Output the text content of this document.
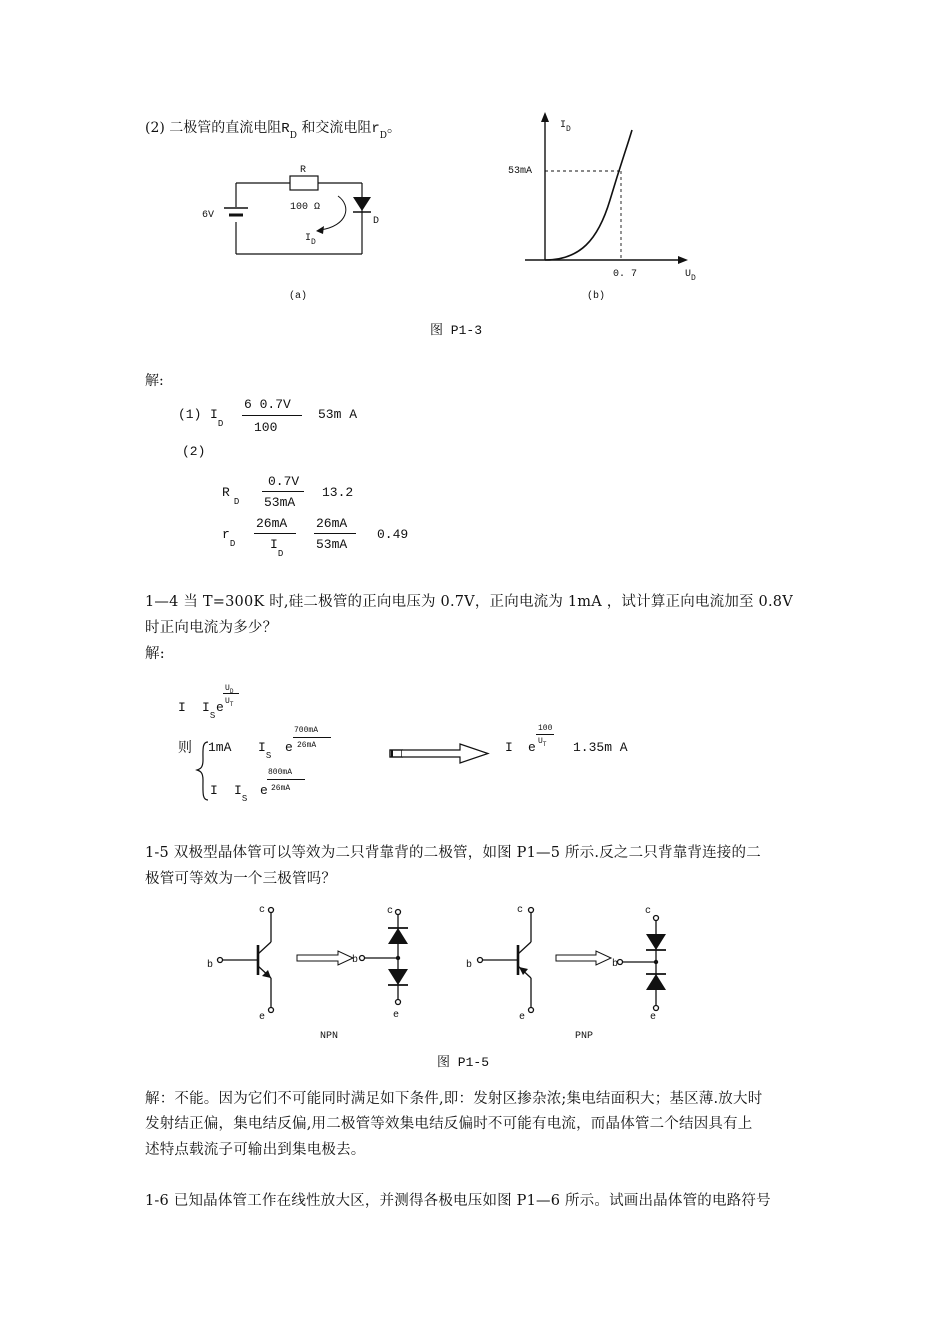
(2) 二极管的直流电阻$R_D$ 和交流电阻$r_D$。
R
100 Ω
6V
$I_D$
D
(a)
$I_D$
53mA
0. 7	$U_D$
(b)
图 P1-3
解:
(1) $I_D$
6 0.7V
100
53m A
(2)
$R_D$
0.7V
53mA
13.2
$r_D$
26mA
$I_D$
26mA
53mA
0.49
1—4 当 T=300K 时,硅二极管的正向电压为 0.7V，正向电流为 1mA ，试计算正向电流加至 0.8V
时正向电流为多少？
解:
I $I_S$
e
$U_D$
$U_T$
则 1mA $I_S$
e
700mA
26mA
I $I_S$
e
800mA
26mA
I e
100
$U_T$ 1.35m A
1-5 双极型晶体管可以等效为二只背靠背的二极管，如图 P1—5 所示.反之二只背靠背连接的二
极管可等效为一个三极管吗？
c
b
e
c
b
e
NPN
c
b
e
c
b
e
PNP
图 P1-5
解：不能。因为它们不可能同时满足如下条件,即：发射区掺杂浓;集电结面积大；基区薄.放大时
发射结正偏，集电结反偏,用二极管等效集电结反偏时不可能有电流，而晶体管二个结因具有上
述特点载流子可输出到集电极去。
1-6 已知晶体管工作在线性放大区，并测得各极电压如图 P1—6 所示。试画出晶体管的电路符号
